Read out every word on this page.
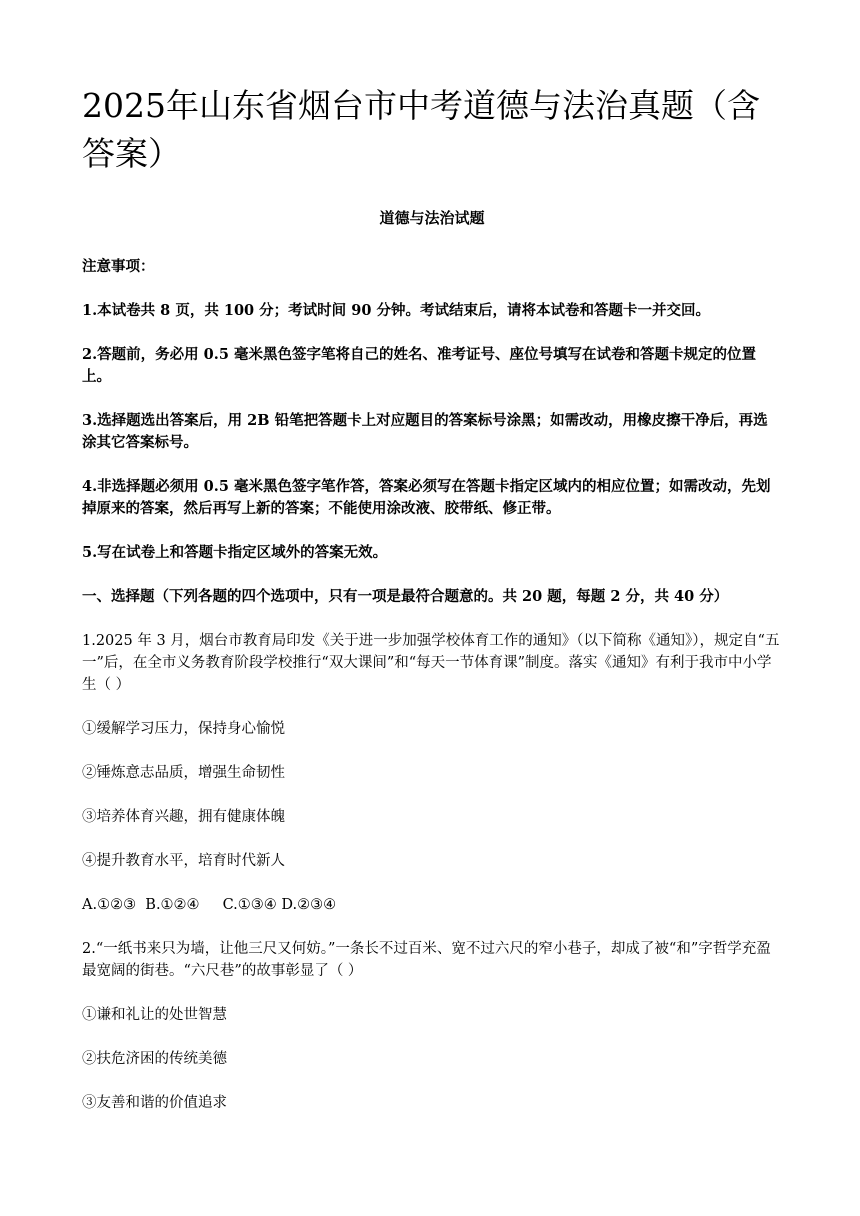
2025年山东省烟台市中考道德与法治真题（含答案）
道德与法治试题

注意事项：

1.本试卷共 8 页，共 100 分；考试时间 90 分钟。考试结束后，请将本试卷和答题卡一并交回。

2.答题前，务必用 0.5 毫米黑色签字笔将自己的姓名、准考证号、座位号填写在试卷和答题卡规定的位置上。

3.选择题选出答案后，用 2B 铅笔把答题卡上对应题目的答案标号涂黑；如需改动，用橡皮擦干净后，再选涂其它答案标号。

4.非选择题必须用 0.5 毫米黑色签字笔作答，答案必须写在答题卡指定区域内的相应位置；如需改动，先划掉原来的答案，然后再写上新的答案；不能使用涂改液、胶带纸、修正带。

5.写在试卷上和答题卡指定区域外的答案无效。

一、选择题（下列各题的四个选项中，只有一项是最符合题意的。共 20 题，每题 2 分，共 40 分）

1.2025 年 3 月，烟台市教育局印发《关于进一步加强学校体育工作的通知》（以下简称《通知》），规定自“五一”后，在全市义务教育阶段学校推行“双大课间”和“每天一节体育课”制度。落实《通知》有利于我市中小学生（ ）

①缓解学习压力，保持身心愉悦

②锤炼意志品质，增强生命韧性

③培养体育兴趣，拥有健康体魄

④提升教育水平，培育时代新人

A.①②③  B.①②④     C.①③④ D.②③④

2.“一纸书来只为墙，让他三尺又何妨。”一条长不过百米、宽不过六尺的窄小巷子，却成了被“和”字哲学充盈最宽阔的街巷。“六尺巷”的故事彰显了（ ）

①谦和礼让的处世智慧

②扶危济困的传统美德

③友善和谐的价值追求
